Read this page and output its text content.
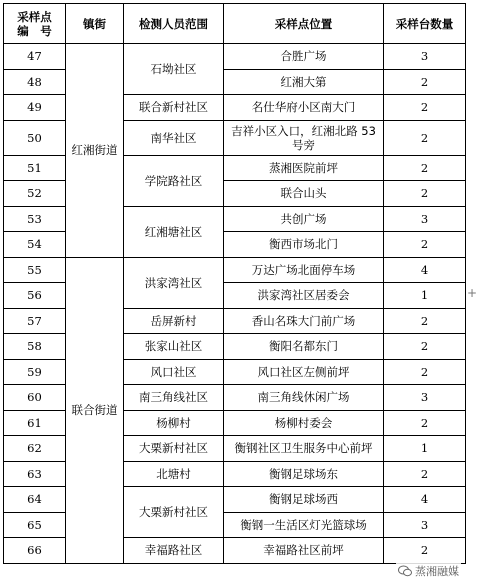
采样点
编　号	镇街	检测人员范围	采样点位置	采样台数量
47	红湘街道	石坳社区	合胜广场	3
48			红湘大第	2
49		联合新村社区	名仕华府小区南大门	2
50		南华社区	吉祥小区入口，红湘北路 53 号旁	2
51		学院路社区	蒸湘医院前坪	2
52			联合山头	2
53		红湘塘社区	共创广场	3
54			衡西市场北门	2
55	联合街道	洪家湾社区	万达广场北面停车场	4
56			洪家湾社区居委会	1
57		岳屏新村	香山名珠大门前广场	2
58		张家山社区	衡阳名都东门	2
59		风口社区	风口社区左侧前坪	2
60		南三角线社区	南三角线休闲广场	3
61		杨柳村	杨柳村委会	2
62		大栗新村社区	衡钢社区卫生服务中心前坪	1
63		北塘村	衡钢足球场东	2
64		大栗新村社区	衡钢足球场西	4
65			衡钢一生活区灯光篮球场	3
66		幸福路社区	幸福路社区前坪	2
+
蒸湘融媒
